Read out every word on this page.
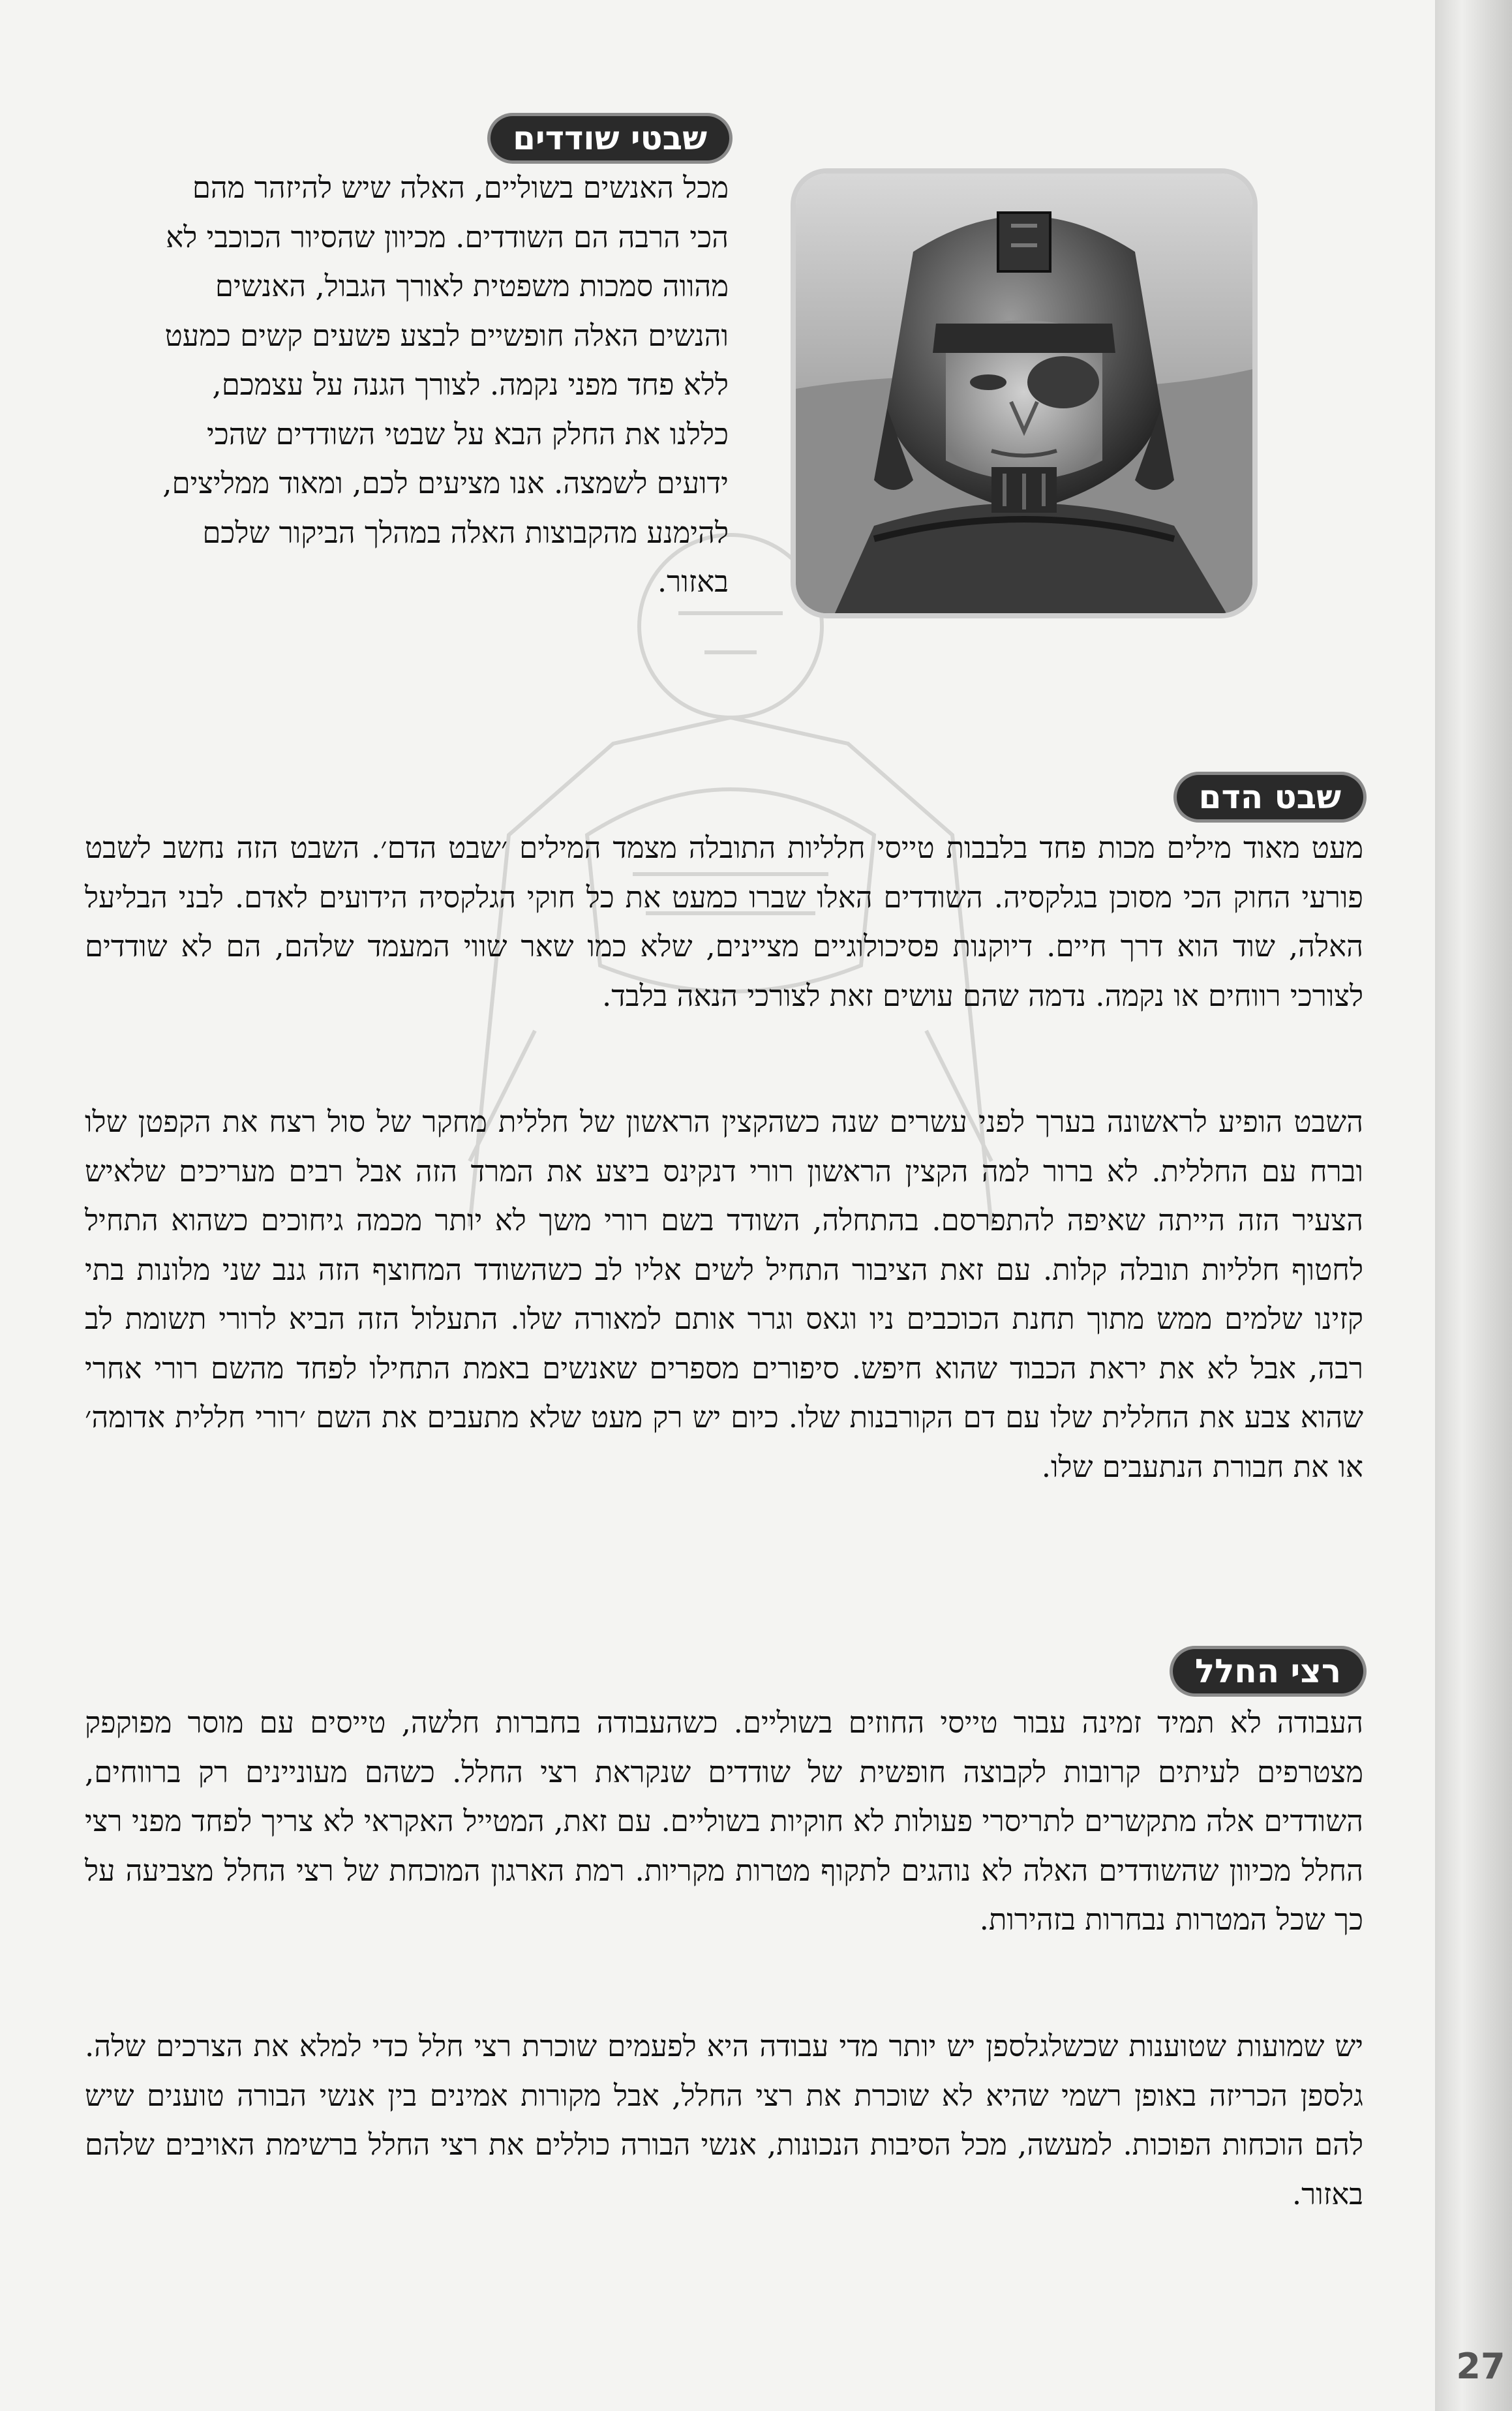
שבטי שודדים

מכל האנשים בשוליים, האלה שיש להיזהר מהם הכי הרבה הם השודדים. מכיוון שהסיור הכוכבי לא מהווה סמכות משפטית לאורך הגבול, האנשים והנשים האלה חופשיים לבצע פשעים קשים כמעט ללא פחד מפני נקמה. לצורך הגנה על עצמכם, כללנו את החלק הבא על שבטי השודדים שהכי ידועים לשמצה. אנו מציעים לכם, ומאוד ממליצים, להימנע מהקבוצות האלה במהלך הביקור שלכם באזור.

שבט הדם

מעט מאוד מילים מכות פחד בלבבות טייסי חלליות התובלה מצמד המילים ׳שבט הדם׳. השבט הזה נחשב לשבט פורעי החוק הכי מסוכן בגלקסיה. השודדים האלו שברו כמעט את כל חוקי הגלקסיה הידועים לאדם. לבני הבליעל האלה, שוד הוא דרך חיים. דיוקנות פסיכולוגיים מציינים, שלא כמו שאר שווי המעמד שלהם, הם לא שודדים לצורכי רווחים או נקמה. נדמה שהם עושים זאת לצורכי הנאה בלבד.

השבט הופיע לראשונה בערך לפני עשרים שנה כשהקצין הראשון של חללית מחקר של סול רצח את הקפטן שלו וברח עם החללית. לא ברור למה הקצין הראשון רורי דנקינס ביצע את המרד הזה אבל רבים מעריכים שלאיש הצעיר הזה הייתה שאיפה להתפרסם. בהתחלה, השודד בשם רורי משך לא יותר מכמה גיחוכים כשהוא התחיל לחטוף חלליות תובלה קלות. עם זאת הציבור התחיל לשים אליו לב כשהשודד המחוצף הזה גנב שני מלונות בתי קזינו שלמים ממש מתוך תחנת הכוכבים ניו וגאס וגרר אותם למאורה שלו. התעלול הזה הביא לרורי תשומת לב רבה, אבל לא את יראת הכבוד שהוא חיפש. סיפורים מספרים שאנשים באמת התחילו לפחד מהשם רורי אחרי שהוא צבע את החללית שלו עם דם הקורבנות שלו. כיום יש רק מעט שלא מתעבים את השם ׳רורי חללית אדומה׳ או את חבורת הנתעבים שלו.

רצי החלל

העבודה לא תמיד זמינה עבור טייסי החוזים בשוליים. כשהעבודה בחברות חלשה, טייסים עם מוסר מפוקפק מצטרפים לעיתים קרובות לקבוצה חופשית של שודדים שנקראת רצי החלל. כשהם מעוניינים רק ברווחים, השודדים אלה מתקשרים לתריסרי פעולות לא חוקיות בשוליים. עם זאת, המטייל האקראי לא צריך לפחד מפני רצי החלל מכיוון שהשודדים האלה לא נוהגים לתקוף מטרות מקריות. רמת הארגון המוכחת של רצי החלל מצביעה על כך שכל המטרות נבחרות בזהירות.

יש שמועות שטוענות שכשלגלספן יש יותר מדי עבודה היא לפעמים שוכרת רצי חלל כדי למלא את הצרכים שלה. גלספן הכריזה באופן רשמי שהיא לא שוכרת את רצי החלל, אבל מקורות אמינים בין אנשי הבורה טוענים שיש להם הוכחות הפוכות. למעשה, מכל הסיבות הנכונות, אנשי הבורה כוללים את רצי החלל ברשימת האויבים שלהם באזור.

27
